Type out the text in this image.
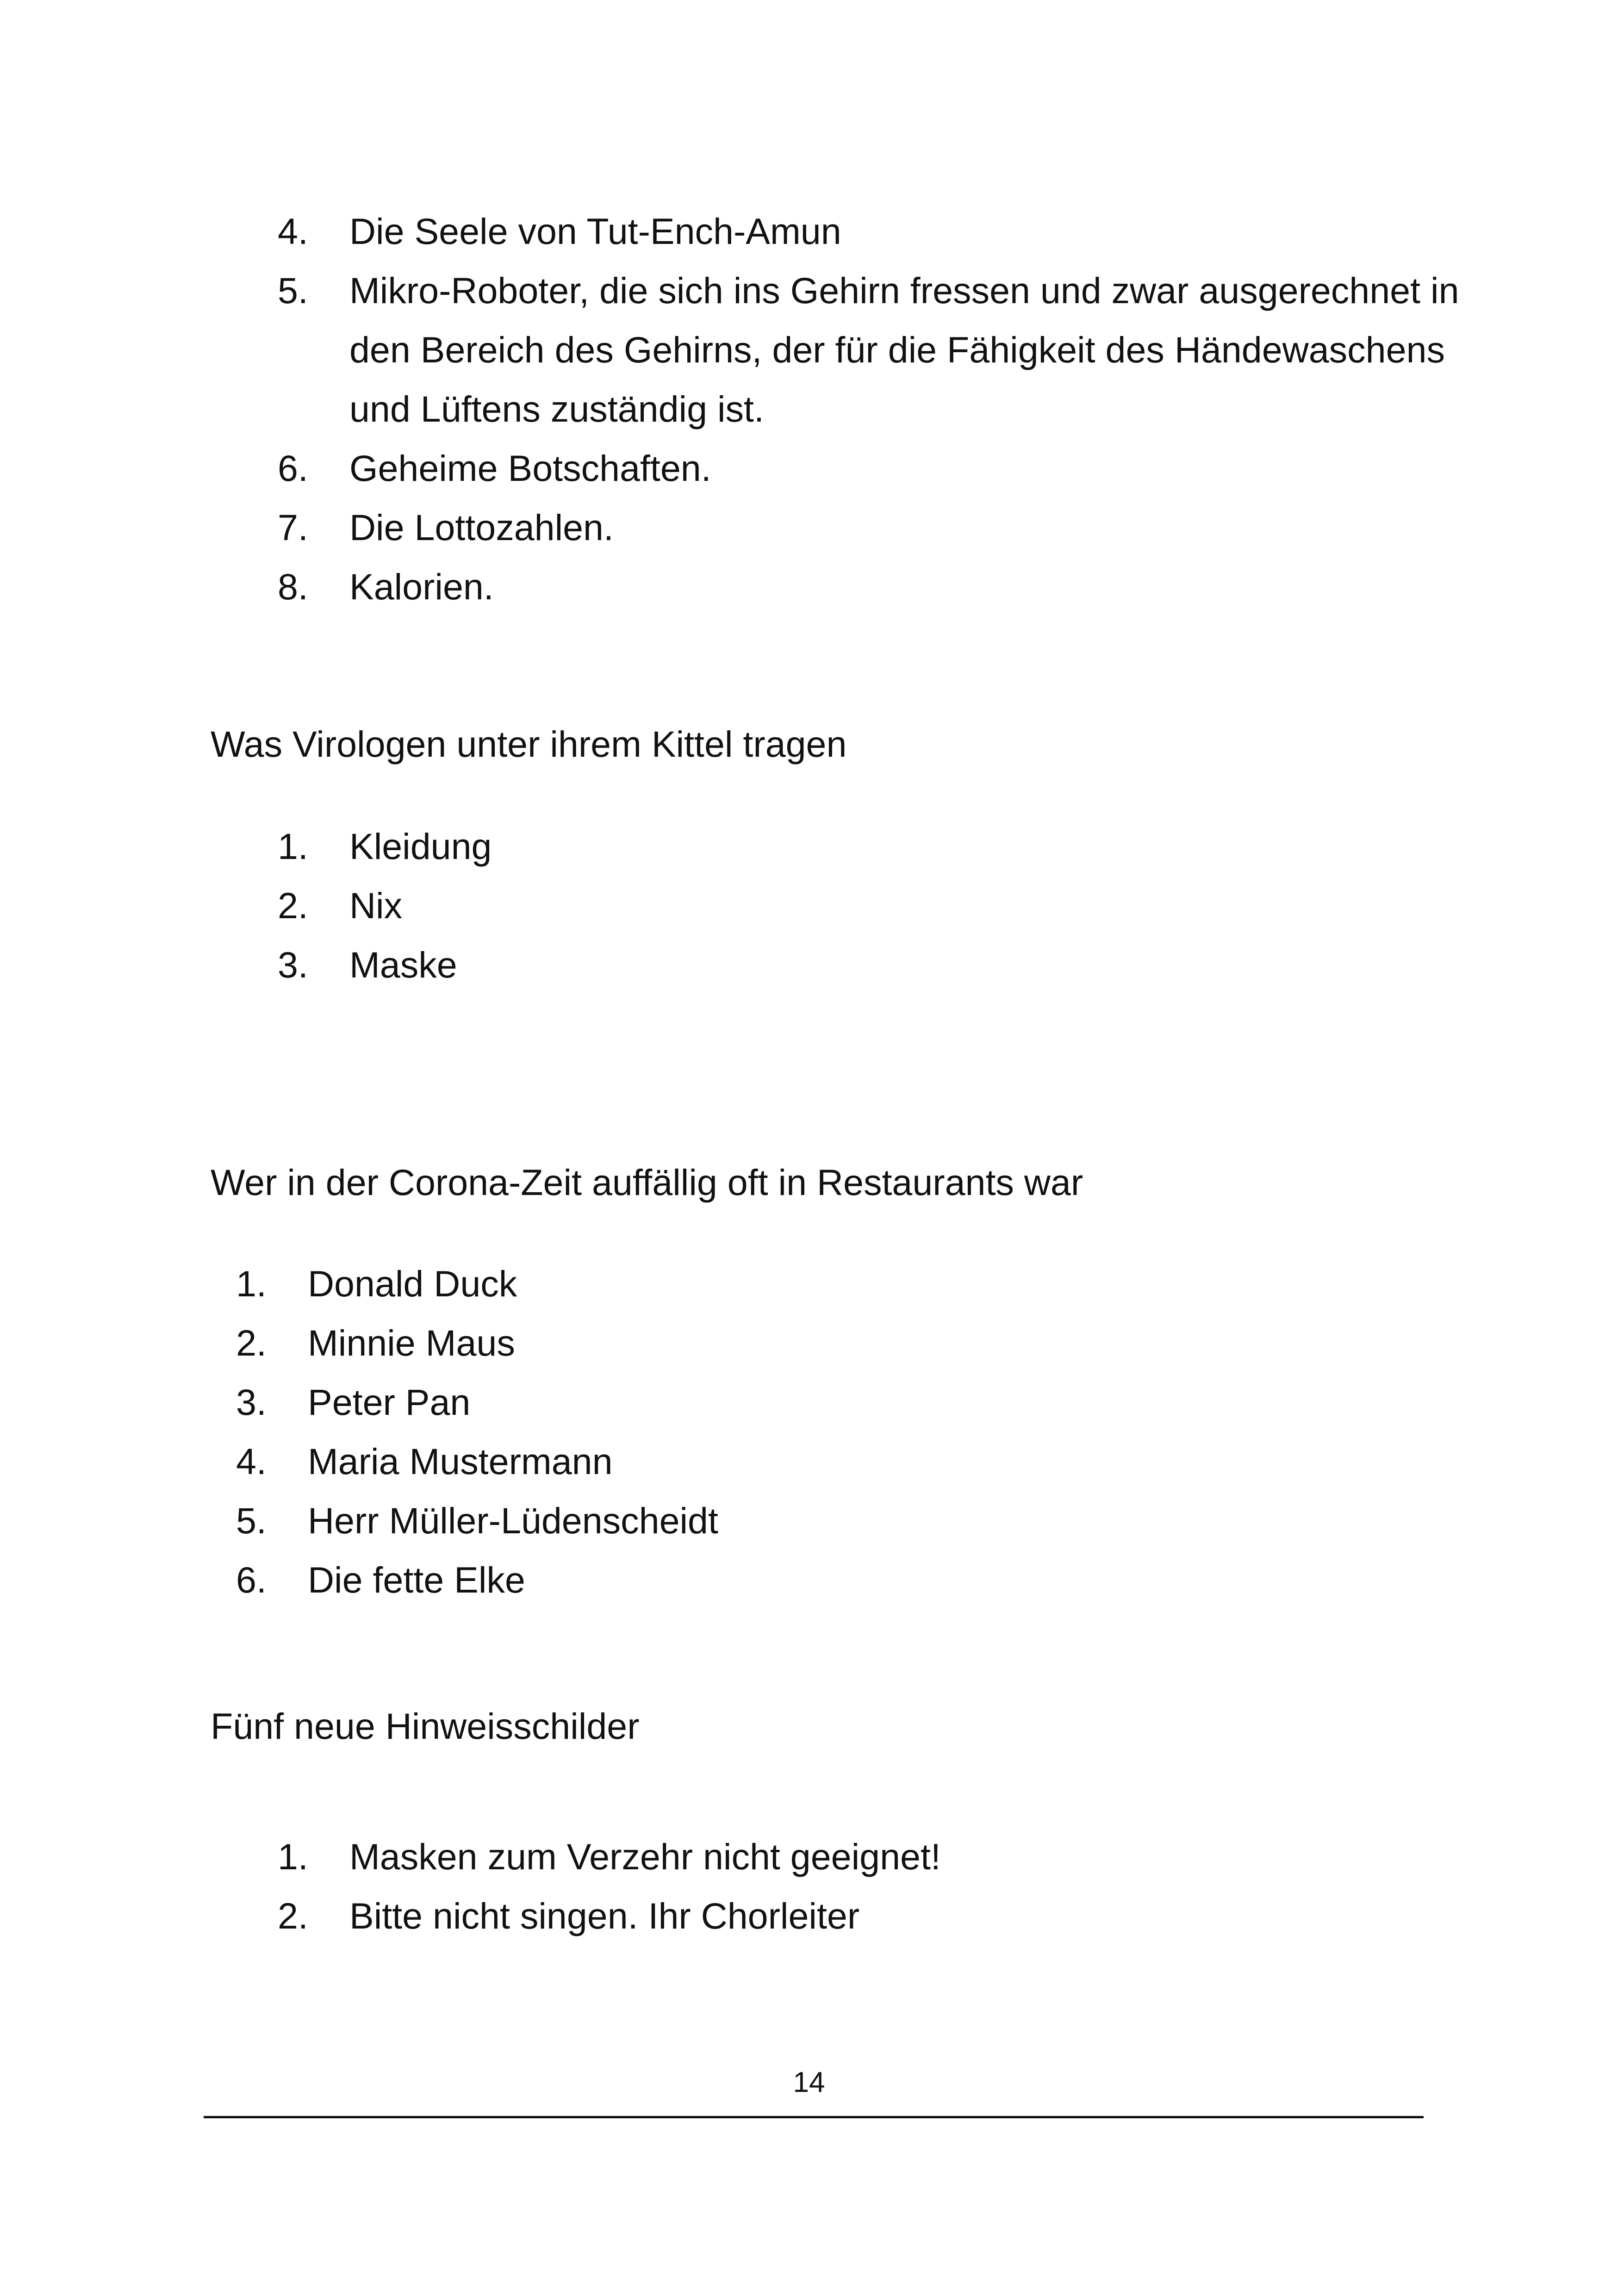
4. Die Seele von Tut-Ench-Amun
5. Mikro-Roboter, die sich ins Gehirn fressen und zwar ausgerechnet in den Bereich des Gehirns, der für die Fähigkeit des Händewaschens und Lüftens zuständig ist.
6. Geheime Botschaften.
7. Die Lottozahlen.
8. Kalorien.
Was Virologen unter ihrem Kittel tragen
1. Kleidung
2. Nix
3. Maske
Wer in der Corona-Zeit auffällig oft in Restaurants war
1.	Donald Duck
2.	Minnie Maus
3.	Peter Pan
4.	Maria Mustermann
5.	Herr Müller-Lüdenscheidt
6.	Die fette Elke
Fünf neue Hinweisschilder
1. Masken zum Verzehr nicht geeignet!
2. Bitte nicht singen. Ihr Chorleiter
14
